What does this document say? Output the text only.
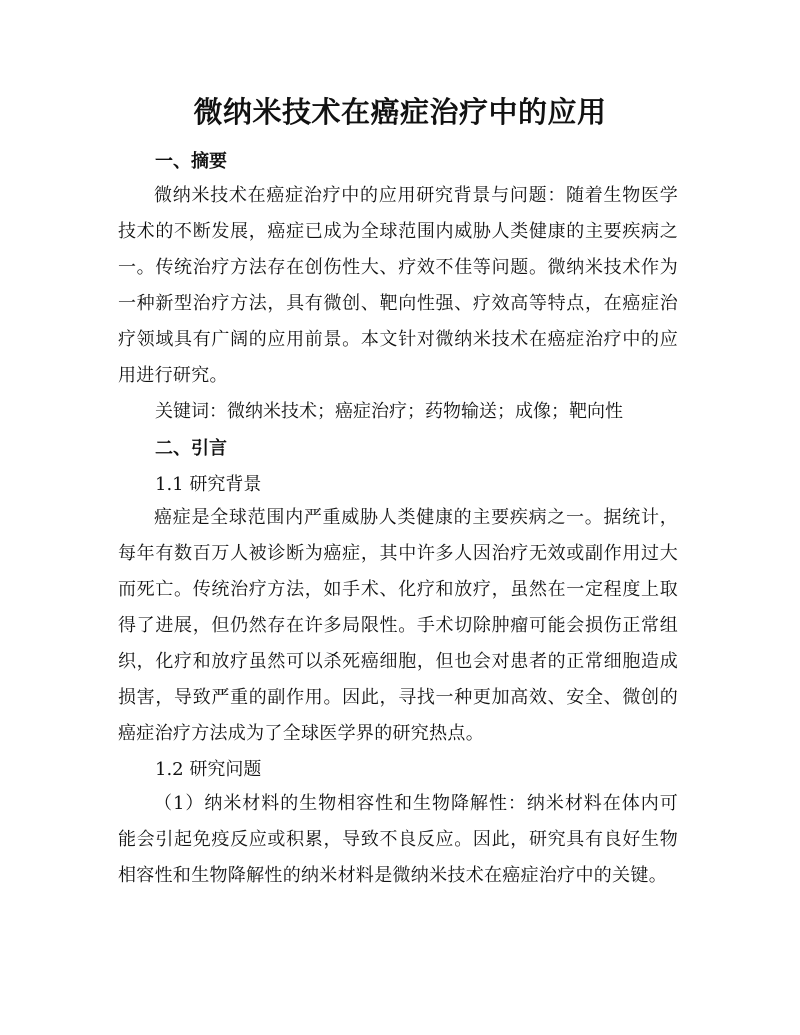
微纳米技术在癌症治疗中的应用
一、摘要

微纳米技术在癌症治疗中的应用研究背景与问题：随着生物医学技术的不断发展，癌症已成为全球范围内威胁人类健康的主要疾病之一。传统治疗方法存在创伤性大、疗效不佳等问题。微纳米技术作为一种新型治疗方法，具有微创、靶向性强、疗效高等特点，在癌症治疗领域具有广阔的应用前景。本文针对微纳米技术在癌症治疗中的应用进行研究。

关键词：微纳米技术；癌症治疗；药物输送；成像；靶向性
二、引言
1.1 研究背景

癌症是全球范围内严重威胁人类健康的主要疾病之一。据统计，每年有数百万人被诊断为癌症，其中许多人因治疗无效或副作用过大而死亡。传统治疗方法，如手术、化疗和放疗，虽然在一定程度上取得了进展，但仍然存在许多局限性。手术切除肿瘤可能会损伤正常组织，化疗和放疗虽然可以杀死癌细胞，但也会对患者的正常细胞造成损害，导致严重的副作用。因此，寻找一种更加高效、安全、微创的癌症治疗方法成为了全球医学界的研究热点。

1.2 研究问题

（1）纳米材料的生物相容性和生物降解性：纳米材料在体内可能会引起免疫反应或积累，导致不良反应。因此，研究具有良好生物相容性和生物降解性的纳米材料是微纳米技术在癌症治疗中的关键。
